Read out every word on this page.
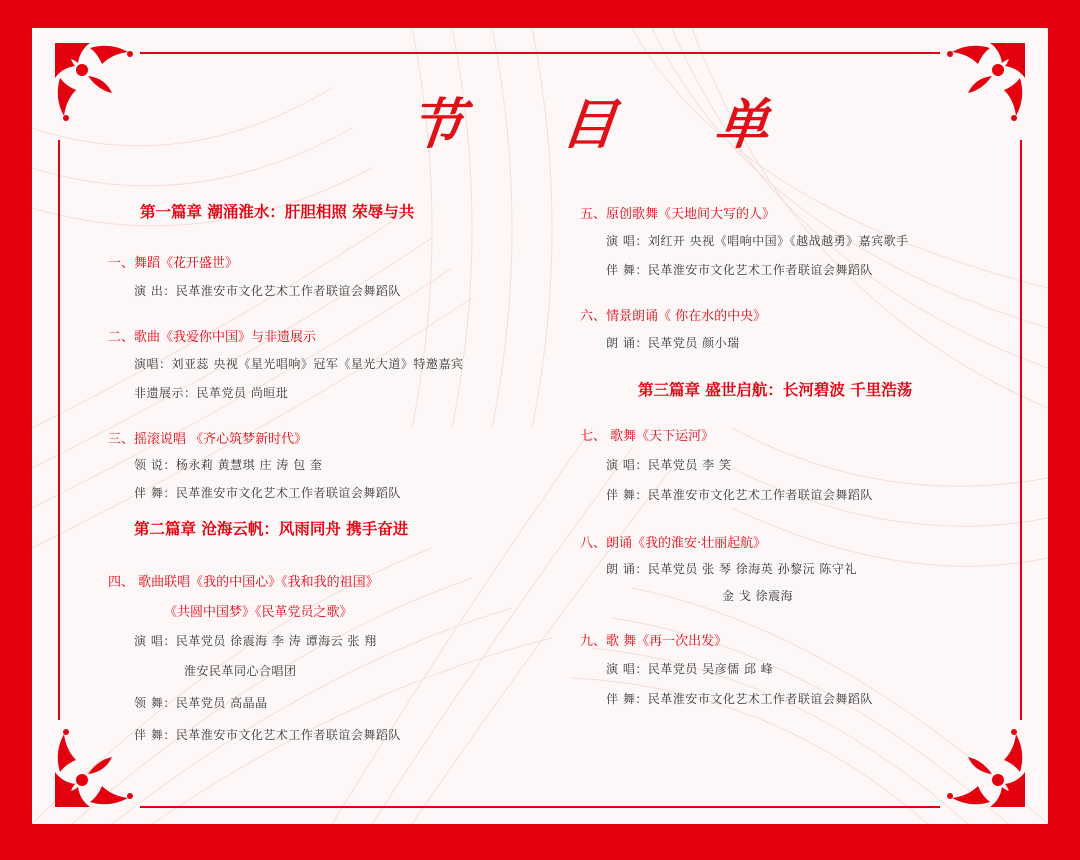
节 目 单
第一篇章 潮涌淮水：肝胆相照 荣辱与共
一、舞蹈《花开盛世》
演 出：民革淮安市文化艺术工作者联谊会舞蹈队
二、歌曲《我爱你中国》与非遗展示
演唱：刘亚蕊 央视《星光唱响》冠军《星光大道》特邀嘉宾
非遗展示：民革党员 尚晅玭
三、摇滚说唱 《齐心筑梦新时代》
领 说：杨永莉 黄慧琪 庄 涛 包 奎
伴 舞：民革淮安市文化艺术工作者联谊会舞蹈队
第二篇章 沧海云帆：风雨同舟 携手奋进
四、 歌曲联唱《我的中国心》《我和我的祖国》
《共圆中国梦》《民革党员之歌》
演 唱：民革党员 徐震海 李 涛 谭海云 张 翔
淮安民革同心合唱团
领 舞：民革党员 高晶晶
伴 舞：民革淮安市文化艺术工作者联谊会舞蹈队
五、原创歌舞《天地间大写的人》
演 唱：刘红开 央视《唱响中国》《越战越勇》嘉宾歌手
伴 舞：民革淮安市文化艺术工作者联谊会舞蹈队
六、情景朗诵《 你在水的中央》
朗 诵：民革党员 颜小瑞
第三篇章 盛世启航：长河碧波 千里浩荡
七、 歌舞《天下运河》
演 唱：民革党员 李 笑
伴 舞：民革淮安市文化艺术工作者联谊会舞蹈队
八、朗诵《我的淮安·壮丽起航》
朗 诵：民革党员 张 琴 徐海英 孙黎沅 陈守礼
金 戈 徐震海
九、歌 舞《再一次出发》
演 唱：民革党员 吴彦儒 邱 峰
伴 舞：民革淮安市文化艺术工作者联谊会舞蹈队
